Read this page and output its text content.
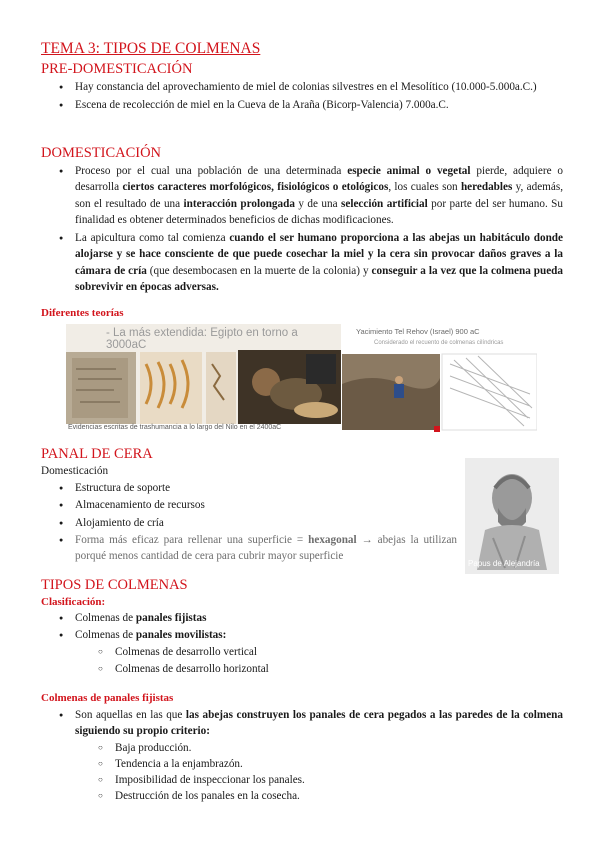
TEMA 3: TIPOS DE COLMENAS
PRE-DOMESTICACIÓN
● Hay constancia del aprovechamiento de miel de colonias silvestres en el Mesolítico (10.000-5.000a.C.)
● Escena de recolección de miel en la Cueva de la Araña (Bicorp-Valencia) 7.000a.C.
DOMESTICACIÓN
● Proceso por el cual una población de una determinada especie animal o vegetal pierde, adquiere o desarrolla ciertos caracteres morfológicos, fisiológicos o etológicos, los cuales son heredables y, además, son el resultado de una interacción prolongada y de una selección artificial por parte del ser humano. Su finalidad es obtener determinados beneficios de dichas modificaciones.
● La apicultura como tal comienza cuando el ser humano proporciona a las abejas un habitáculo donde alojarse y se hace consciente de que puede cosechar la miel y la cera sin provocar daños graves a la cámara de cría (que desembocasen en la muerte de la colonia) y conseguir a la vez que la colmena pueda sobrevivir en épocas adversas.
Diferentes teorías
- La más extendida: Egipto en torno a 3000aC
Evidencias escritas de trashumancia a lo largo del Nilo en el 2400aC
Yacimiento Tel Rehov (Israel) 900 aC
Considerado el recuento de colmenas cilíndricas
PANAL DE CERA
Domesticación
● Estructura de soporte
● Almacenamiento de recursos
● Alojamiento de cría
● Forma más eficaz para rellenar una superficie = hexagonal → abejas la utilizan porqué menos cantidad de cera para cubrir mayor superficie
Papus de Alejandría
TIPOS DE COLMENAS
Clasificación:
● Colmenas de panales fijistas
● Colmenas de panales movilistas:
○ Colmenas de desarrollo vertical
○ Colmenas de desarrollo horizontal
Colmenas de panales fijistas
● Son aquellas en las que las abejas construyen los panales de cera pegados a las paredes de la colmena siguiendo su propio criterio:
○ Baja producción.
○ Tendencia a la enjambrazón.
○ Imposibilidad de inspeccionar los panales.
○ Destrucción de los panales en la cosecha.
